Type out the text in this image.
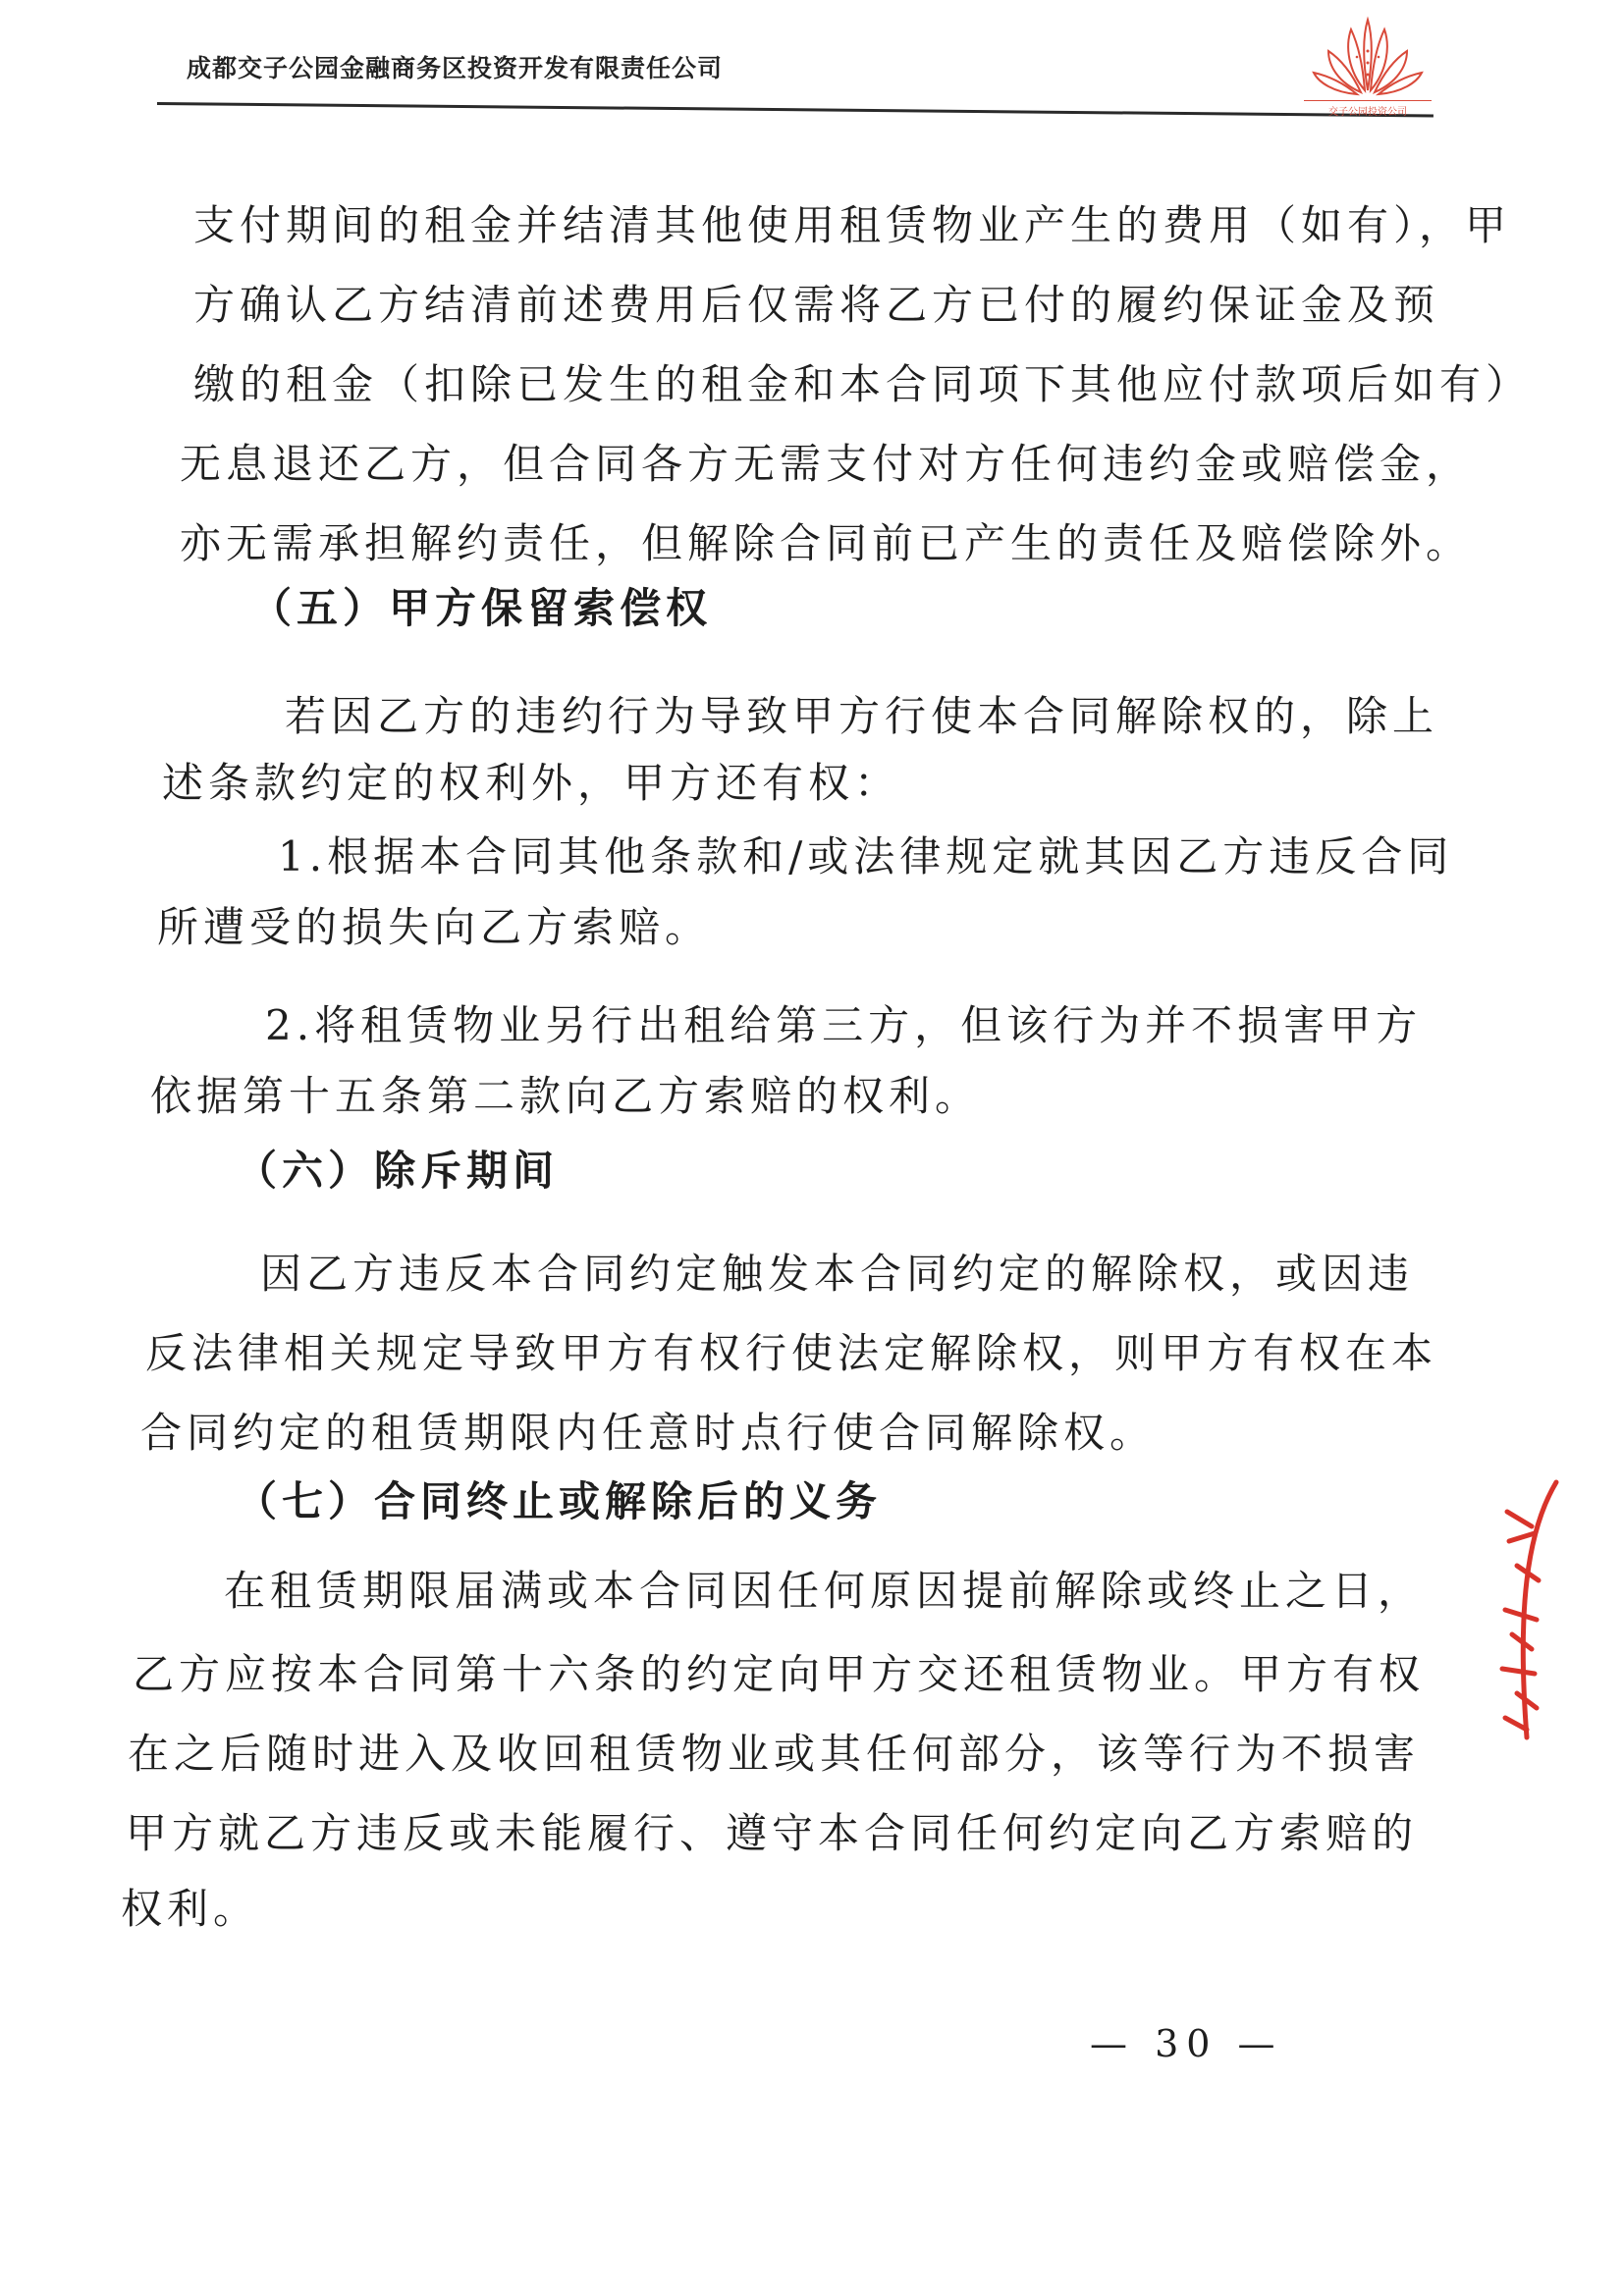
成都交子公园金融商务区投资开发有限责任公司
交子公园投资公司
支付期间的租金并结清其他使用租赁物业产生的费用（如有），甲
方确认乙方结清前述费用后仅需将乙方已付的履约保证金及预
缴的租金（扣除已发生的租金和本合同项下其他应付款项后如有）
无息退还乙方，但合同各方无需支付对方任何违约金或赔偿金，
亦无需承担解约责任，但解除合同前已产生的责任及赔偿除外。
（五）甲方保留索偿权
若因乙方的违约行为导致甲方行使本合同解除权的，除上
述条款约定的权利外，甲方还有权：
1.根据本合同其他条款和/或法律规定就其因乙方违反合同
所遭受的损失向乙方索赔。
2.将租赁物业另行出租给第三方，但该行为并不损害甲方
依据第十五条第二款向乙方索赔的权利。
（六）除斥期间
因乙方违反本合同约定触发本合同约定的解除权，或因违
反法律相关规定导致甲方有权行使法定解除权，则甲方有权在本
合同约定的租赁期限内任意时点行使合同解除权。
（七）合同终止或解除后的义务
在租赁期限届满或本合同因任何原因提前解除或终止之日，
乙方应按本合同第十六条的约定向甲方交还租赁物业。甲方有权
在之后随时进入及收回租赁物业或其任何部分，该等行为不损害
甲方就乙方违反或未能履行、遵守本合同任何约定向乙方索赔的
权利。
— 30 —
